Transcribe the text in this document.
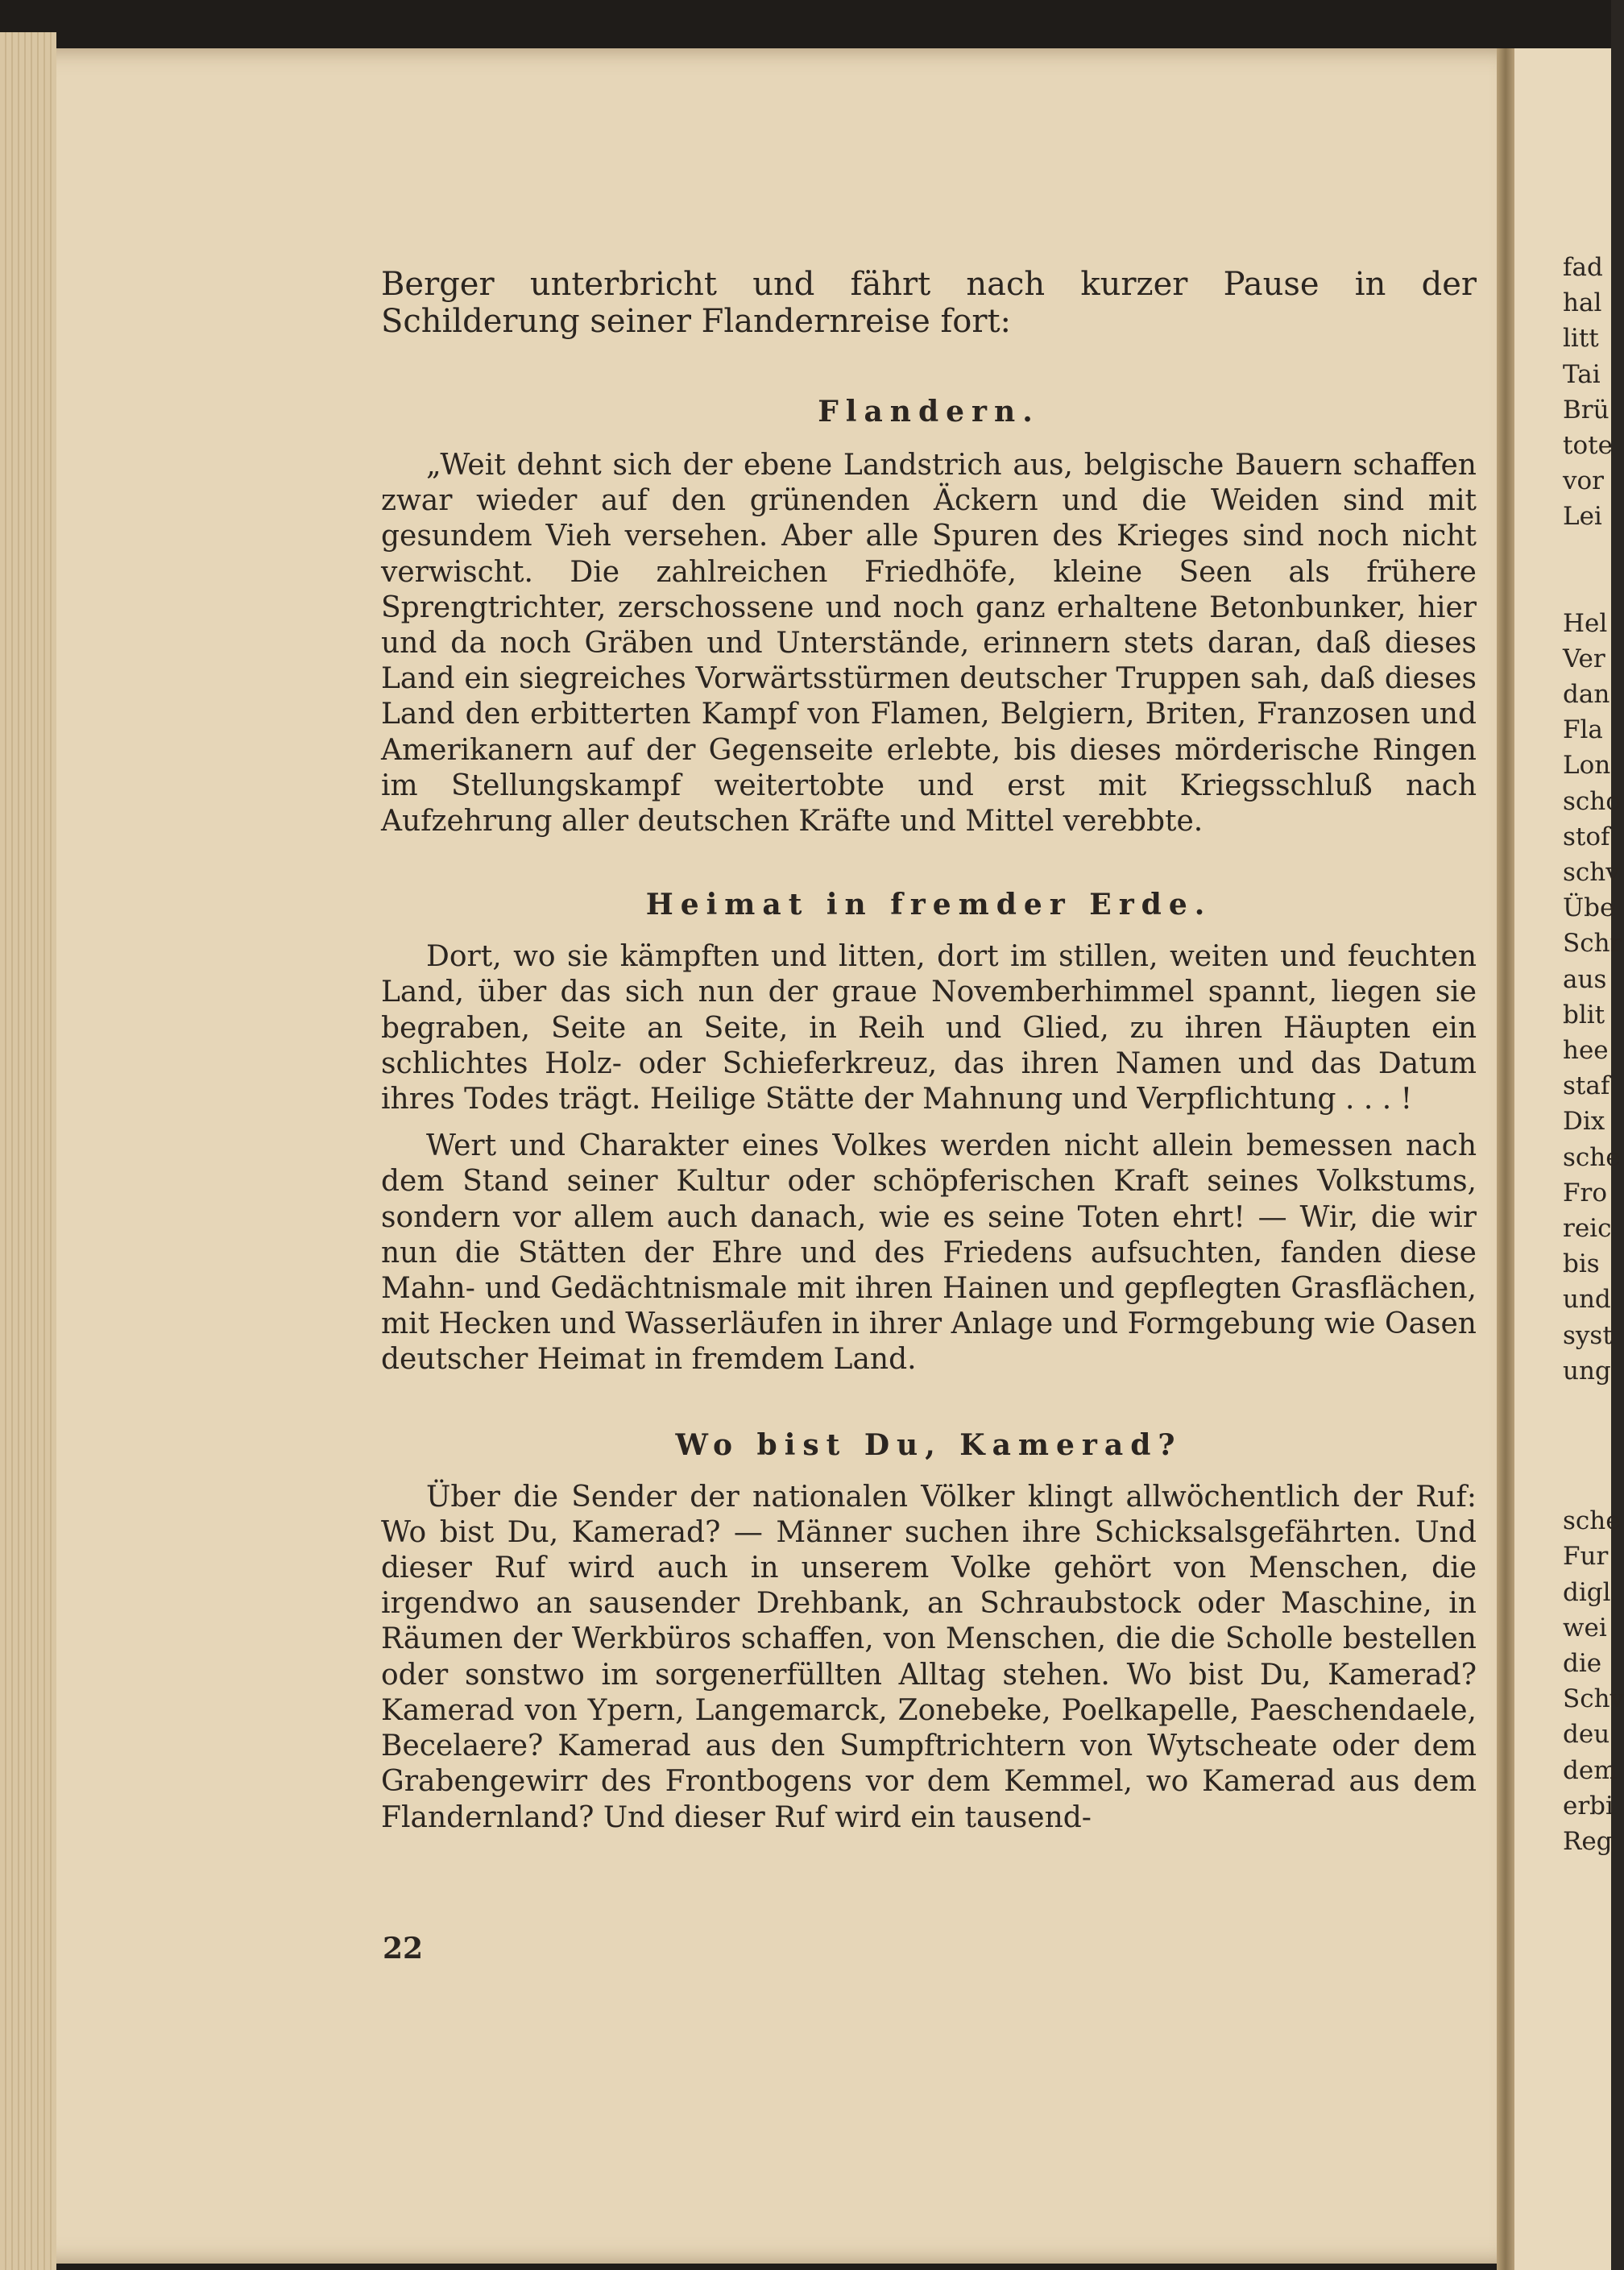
fad
hal
litt
Tai
Brü
tote
vor
Lei
Hel
Ver
dan
Fla
Lon
scho
stof
schv
Übe
Schr
aus
blit
hee
staf
Dix
sche
Fro
reic
bis
und
syst
ung
sche
Fur
digl
wei
die
Schv
deu
dem
erbi
Reg

Berger unterbricht und fährt nach kurzer Pause in der Schilderung seiner Flandernreise fort:

Flandern.

„Weit dehnt sich der ebene Landstrich aus, belgische Bauern schaffen zwar wieder auf den grünenden Äckern und die Weiden sind mit gesundem Vieh versehen. Aber alle Spuren des Krieges sind noch nicht verwischt. Die zahlreichen Friedhöfe, kleine Seen als frühere Sprengtrichter, zerschossene und noch ganz erhaltene Betonbunker, hier und da noch Gräben und Unterstände, erinnern stets daran, daß dieses Land ein siegreiches Vorwärtsstürmen deutscher Truppen sah, daß dieses Land den erbitterten Kampf von Flamen, Belgiern, Briten, Franzosen und Amerikanern auf der Gegenseite erlebte, bis dieses mörderische Ringen im Stellungskampf weitertobte und erst mit Kriegsschluß nach Aufzehrung aller deutschen Kräfte und Mittel verebbte.

Heimat in fremder Erde.

Dort, wo sie kämpften und litten, dort im stillen, weiten und feuchten Land, über das sich nun der graue Novemberhimmel spannt, liegen sie begraben, Seite an Seite, in Reih und Glied, zu ihren Häupten ein schlichtes Holz- oder Schieferkreuz, das ihren Namen und das Datum ihres Todes trägt. Heilige Stätte der Mahnung und Verpflichtung . . . !

Wert und Charakter eines Volkes werden nicht allein bemessen nach dem Stand seiner Kultur oder schöpferischen Kraft seines Volkstums, sondern vor allem auch danach, wie es seine Toten ehrt! — Wir, die wir nun die Stätten der Ehre und des Friedens aufsuchten, fanden diese Mahn- und Gedächtnismale mit ihren Hainen und gepflegten Grasflächen, mit Hecken und Wasserläufen in ihrer Anlage und Formgebung wie Oasen deutscher Heimat in fremdem Land.

Wo bist Du, Kamerad?

Über die Sender der nationalen Völker klingt allwöchentlich der Ruf: Wo bist Du, Kamerad? — Männer suchen ihre Schicksalsgefährten. Und dieser Ruf wird auch in unserem Volke gehört von Menschen, die irgendwo an sausender Drehbank, an Schraubstock oder Maschine, in Räumen der Werkbüros schaffen, von Menschen, die die Scholle bestellen oder sonstwo im sorgenerfüllten Alltag stehen. Wo bist Du, Kamerad? Kamerad von Ypern, Langemarck, Zonebeke, Poelkapelle, Paeschendaele, Becelaere? Kamerad aus den Sumpftrichtern von Wytscheate oder dem Grabengewirr des Frontbogens vor dem Kemmel, wo Kamerad aus dem Flandernland? Und dieser Ruf wird ein tausend-

22
